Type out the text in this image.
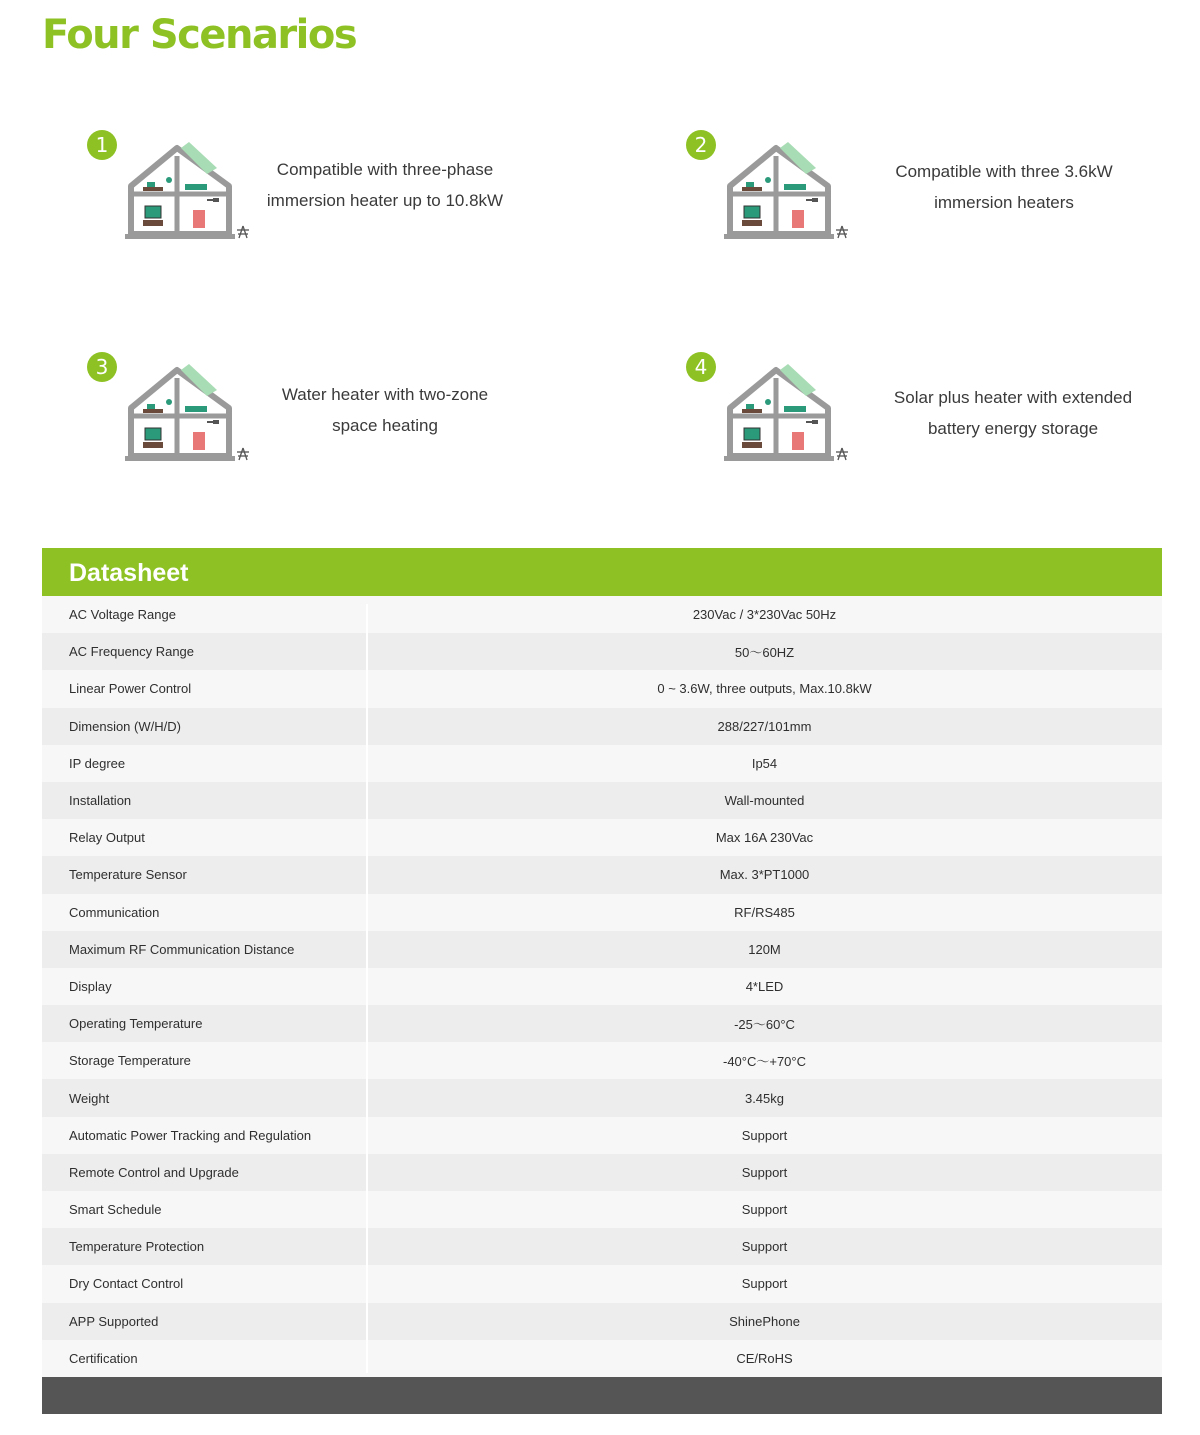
Four Scenarios
1
Compatible with three-phase
immersion heater up to 10.8kW
2
Compatible with three 3.6kW
immersion heaters
3
Water heater with two-zone
space heating
4
Solar plus heater with extended
battery energy storage
Datasheet
AC Voltage Range	230Vac / 3*230Vac 50Hz
AC Frequency Range	50～60HZ
Linear Power Control	0 ~ 3.6W, three outputs, Max.10.8kW
Dimension (W/H/D)	288/227/101mm
IP degree	Ip54
Installation	Wall-mounted
Relay Output	Max 16A 230Vac
Temperature Sensor	Max. 3*PT1000
Communication	RF/RS485
Maximum RF Communication Distance	120M
Display	4*LED
Operating Temperature	-25～60°C
Storage Temperature	-40°C～+70°C
Weight	3.45kg
Automatic Power Tracking and Regulation	Support
Remote Control and Upgrade	Support
Smart Schedule	Support
Temperature Protection	Support
Dry Contact Control	Support
APP Supported	ShinePhone
Certification	CE/RoHS
